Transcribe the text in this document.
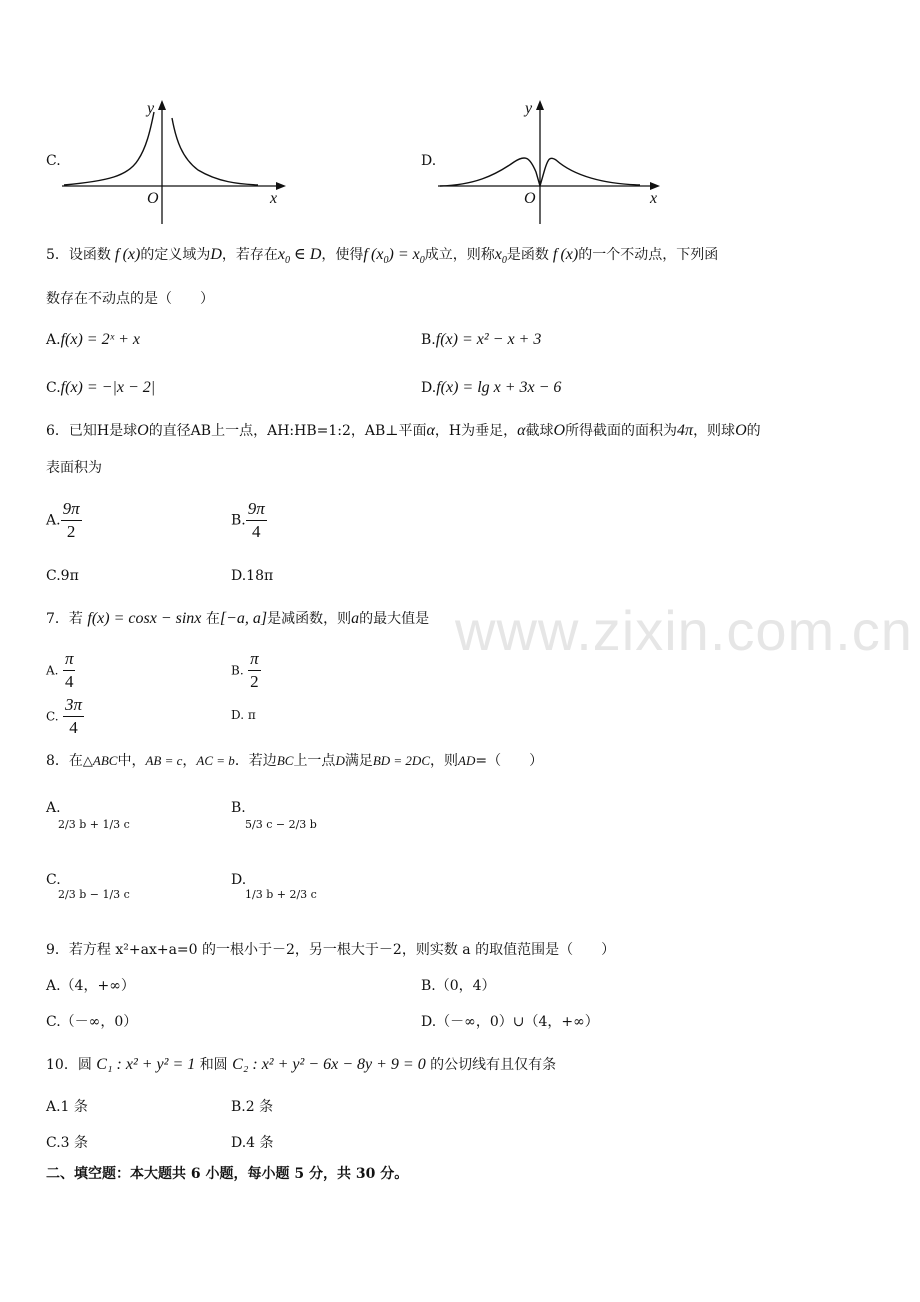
www.zixin.com.cn
C.
y
x
O
D.
y
x
O
5．设函数 f (x)的定义域为D，若存在$x_0$ ∈ D，使得f $(x_0) = x_0$成立，则称$x_0$是函数 f (x)的一个不动点，下列函
数存在不动点的是（　　）
A.f(x) = 2ˣ + x	B.f(x) = x² − x + 3
C.f(x) = −|x − 2|	D.f(x) = lg x + 3x − 6
6．已知H是球O的直径AB上一点，AH:HB=1:2，AB⊥平面α，H为垂足，α截球O所得截面的面积为4π，则球O的
表面积为
A. $\frac{9\pi}{2}$	B. $\frac{9\pi}{4}$
C.9π	D.18π
7．若 f(x) = cosx − sinx 在[−a, a]是减函数，则a的最大值是
A. $\frac{\pi}{4}$	B. $\frac{\pi}{2}$
C. $\frac{3\pi}{4}$	D. π
8．在△ABC中，AB = c，AC = b．若边BC上一点D满足BD = 2DC，则AD=（　　）
A.
2/3 b + 1/3 c
B.
5/3 c − 2/3 b
C.
2/3 b − 1/3 c
D.
1/3 b + 2/3 c
9．若方程 x²+ax+a=0 的一根小于－2，另一根大于－2，则实数 a 的取值范围是（　　）
A.（4，+∞）	B.（0，4）
C.（－∞，0）	D.（－∞，0）∪（4，+∞）
10．圆 C₁ : x² + y² = 1 和圆 C₂ : x² + y² − 6x − 8y + 9 = 0 的公切线有且仅有条
A.1 条	B.2 条
C.3 条	D.4 条
二、填空题：本大题共 6 小题，每小题 5 分，共 30 分。
